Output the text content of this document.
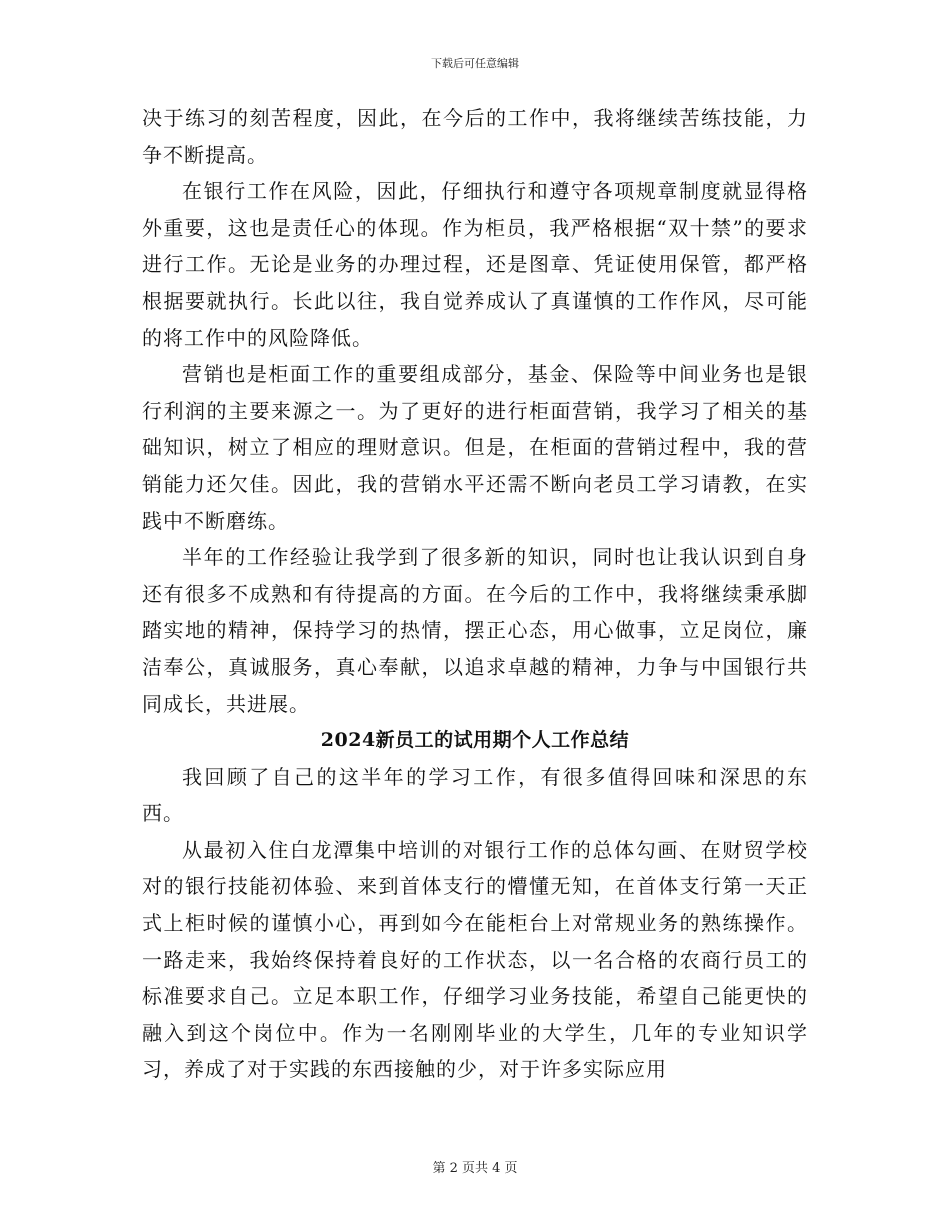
下载后可任意编辑

决于练习的刻苦程度，因此，在今后的工作中，我将继续苦练技能，力争不断提高。

在银行工作在风险，因此，仔细执行和遵守各项规章制度就显得格外重要，这也是责任心的体现。作为柜员，我严格根据“双十禁”的要求进行工作。无论是业务的办理过程，还是图章、凭证使用保管，都严格根据要就执行。长此以往，我自觉养成认了真谨慎的工作作风，尽可能的将工作中的风险降低。

营销也是柜面工作的重要组成部分，基金、保险等中间业务也是银行利润的主要来源之一。为了更好的进行柜面营销，我学习了相关的基础知识，树立了相应的理财意识。但是，在柜面的营销过程中，我的营销能力还欠佳。因此，我的营销水平还需不断向老员工学习请教，在实践中不断磨练。

半年的工作经验让我学到了很多新的知识，同时也让我认识到自身还有很多不成熟和有待提高的方面。在今后的工作中，我将继续秉承脚踏实地的精神，保持学习的热情，摆正心态，用心做事，立足岗位，廉洁奉公，真诚服务，真心奉献，以追求卓越的精神，力争与中国银行共同成长，共进展。

2024新员工的试用期个人工作总结

我回顾了自己的这半年的学习工作，有很多值得回味和深思的东西。

从最初入住白龙潭集中培训的对银行工作的总体勾画、在财贸学校对的银行技能初体验、来到首体支行的懵懂无知，在首体支行第一天正式上柜时候的谨慎小心，再到如今在能柜台上对常规业务的熟练操作。一路走来，我始终保持着良好的工作状态，以一名合格的农商行员工的标准要求自己。立足本职工作，仔细学习业务技能，希望自己能更快的融入到这个岗位中。作为一名刚刚毕业的大学生，几年的专业知识学习，养成了对于实践的东西接触的少，对于许多实际应用

第 2 页共 4 页
